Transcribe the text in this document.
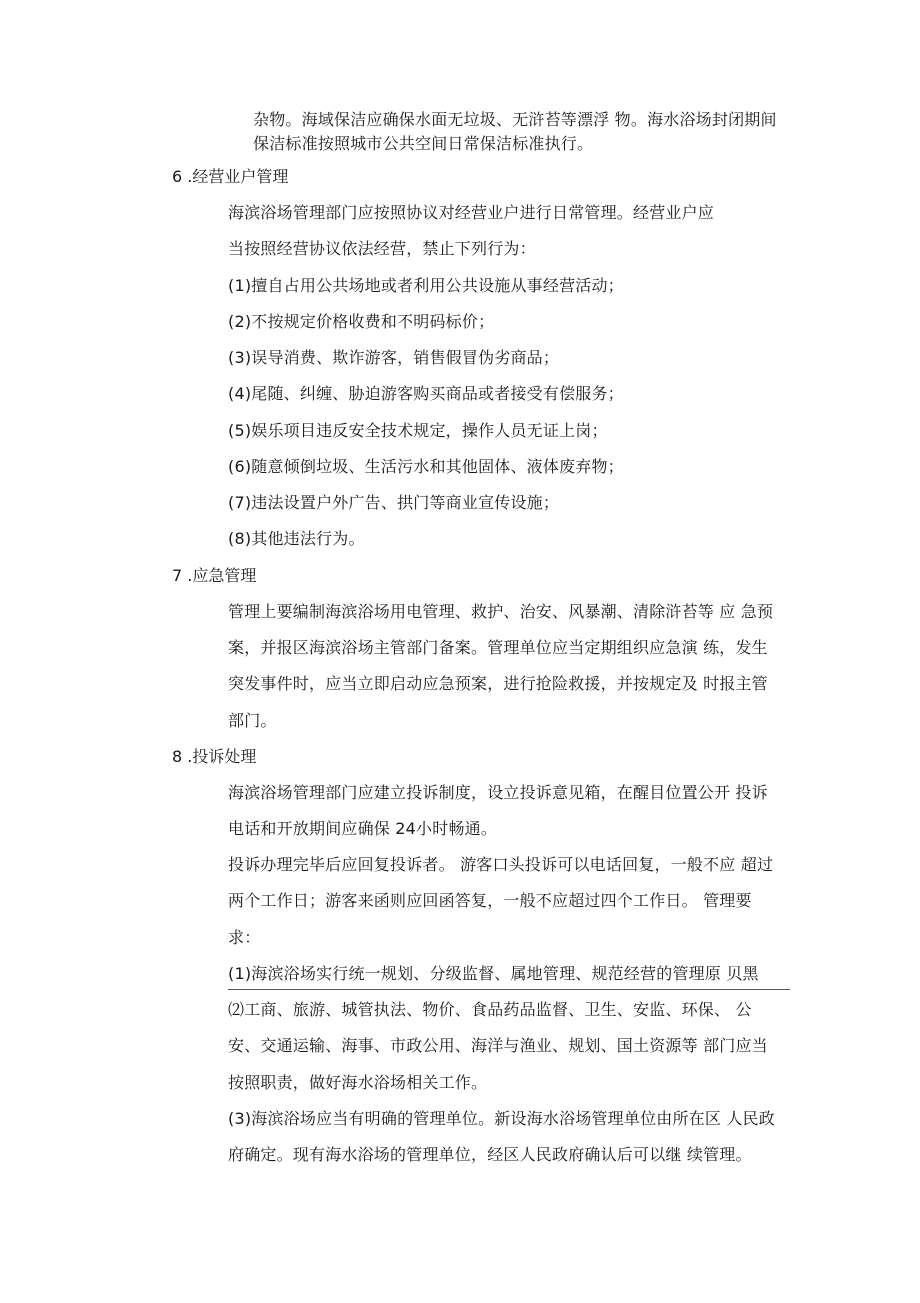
杂物。海域保洁应确保水面无垃圾、无浒苔等漂浮 物。海水浴场封闭期间
保洁标准按照城市公共空间日常保洁标准执行。
6 .经营业户管理
海滨浴场管理部门应按照协议对经营业户进行日常管理。经营业户应
当按照经营协议依法经营，禁止下列行为：
(1)擅自占用公共场地或者利用公共设施从事经营活动；
(2)不按规定价格收费和不明码标价；
(3)误导消费、欺诈游客，销售假冒伪劣商品；
(4)尾随、纠缠、胁迫游客购买商品或者接受有偿服务；
(5)娱乐项目违反安全技术规定，操作人员无证上岗；
(6)随意倾倒垃圾、生活污水和其他固体、液体废弃物；
(7)违法设置户外广告、拱门等商业宣传设施；
(8)其他违法行为。
7 .应急管理
管理上要编制海滨浴场用电管理、救护、治安、风暴潮、清除浒苔等 应 急预
案，并报区海滨浴场主管部门备案。管理单位应当定期组织应急演 练，发生
突发事件时，应当立即启动应急预案，进行抢险救援，并按规定及 时报主管
部门。
8 .投诉处理
海滨浴场管理部门应建立投诉制度，设立投诉意见箱，在醒目位置公开 投诉
电话和开放期间应确保 24小时畅通。
投诉办理完毕后应回复投诉者。 游客口头投诉可以电话回复，一般不应 超过
两个工作日；游客来函则应回函答复，一般不应超过四个工作日。 管理要
求：
(1)海滨浴场实行统一规划、分级监督、属地管理、规范经营的管理原 贝黑
⑵工商、旅游、城管执法、物价、食品药品监督、卫生、安监、环保、 公
安、交通运输、海事、市政公用、海洋与渔业、规划、国土资源等 部门应当
按照职责，做好海水浴场相关工作。
(3)海滨浴场应当有明确的管理单位。新设海水浴场管理单位由所在区 人民政
府确定。现有海水浴场的管理单位，经区人民政府确认后可以继 续管理。
